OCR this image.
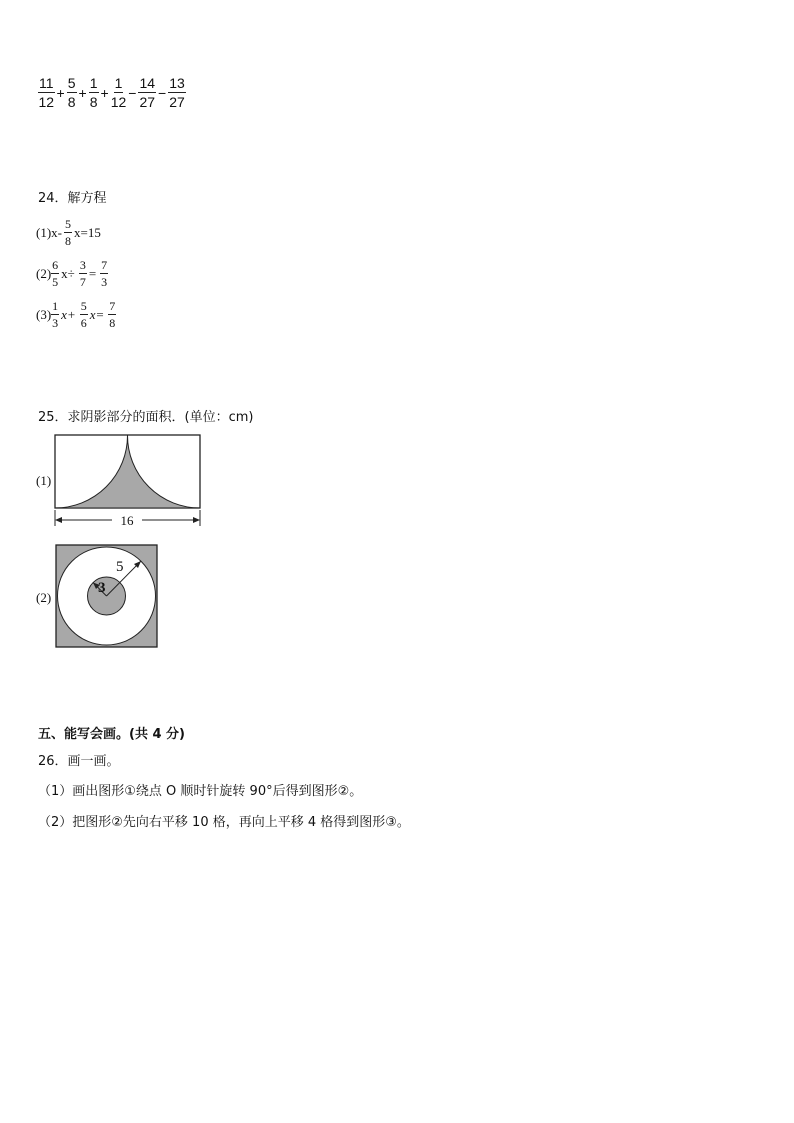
$\frac{11}{12} + \frac{5}{8} + \frac{1}{8} + \frac{1}{12} - \frac{14}{27} - \frac{13}{27}$
24．解方程
$(1)x- \frac{5}{8} x=15$
$(2) \frac{6}{5} x\div \frac{3}{7} = \frac{7}{3}$
$(3) \frac{1}{3} x+ \frac{5}{6} x= \frac{7}{8}$
25．求阴影部分的面积．(单位：cm)
(1)
16
(2)
5
3
五、能写会画。(共 4 分)
26．画一画。
（1）画出图形①绕点 O 顺时针旋转 90°后得到图形②。
（2）把图形②先向右平移 10 格，再向上平移 4 格得到图形③。
